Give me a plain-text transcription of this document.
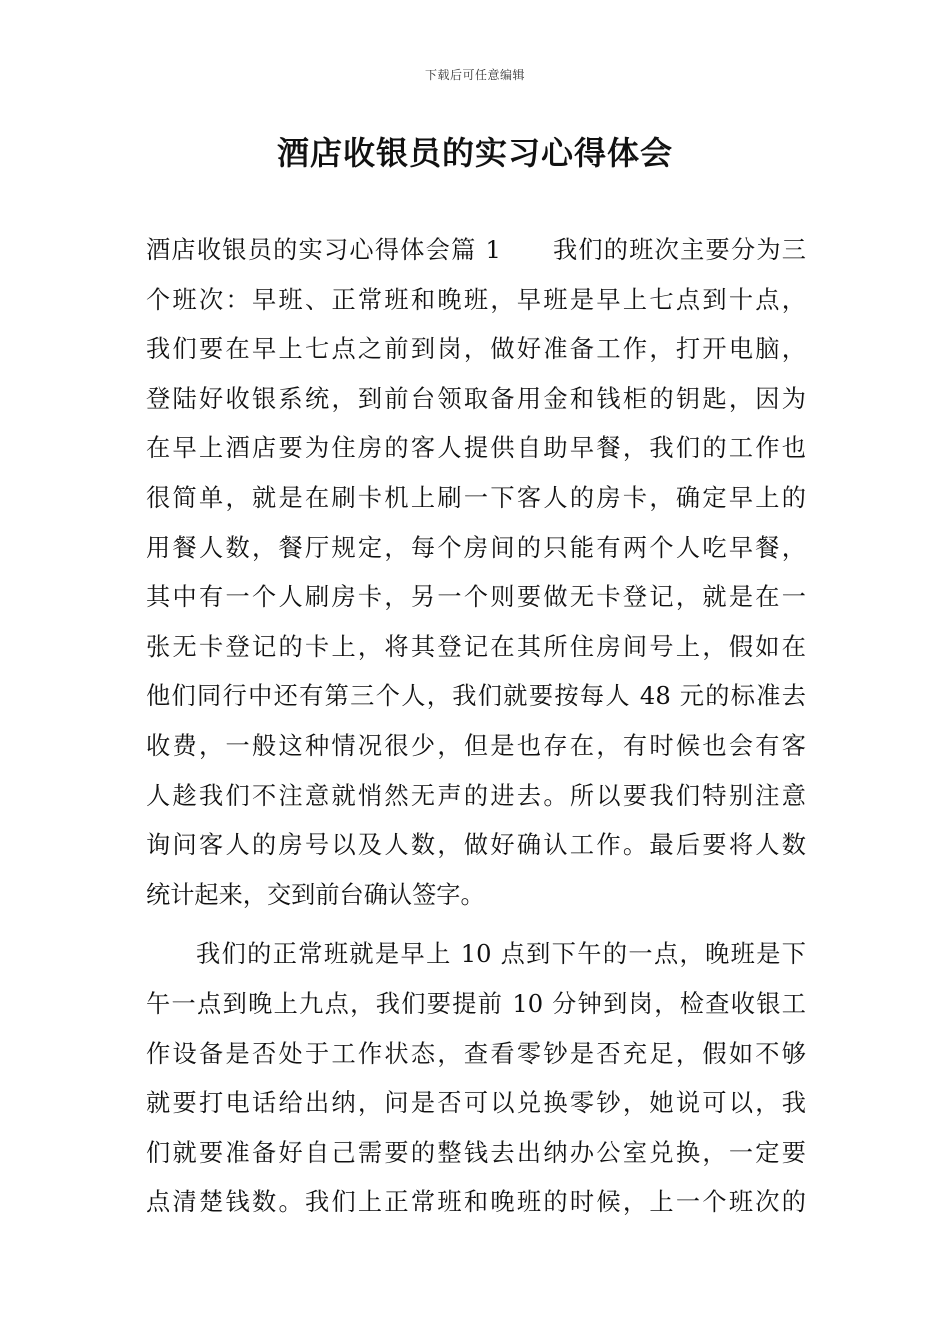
下载后可任意编辑
酒店收银员的实习心得体会
酒店收银员的实习心得体会篇 1　　我们的班次主要分为三
个班次：早班、正常班和晚班，早班是早上七点到十点，
我们要在早上七点之前到岗，做好准备工作，打开电脑，
登陆好收银系统，到前台领取备用金和钱柜的钥匙，因为
在早上酒店要为住房的客人提供自助早餐，我们的工作也
很简单，就是在刷卡机上刷一下客人的房卡，确定早上的
用餐人数，餐厅规定，每个房间的只能有两个人吃早餐，
其中有一个人刷房卡，另一个则要做无卡登记，就是在一
张无卡登记的卡上，将其登记在其所住房间号上，假如在
他们同行中还有第三个人，我们就要按每人 48 元的标准去
收费，一般这种情况很少，但是也存在，有时候也会有客
人趁我们不注意就悄然无声的进去。所以要我们特别注意
询问客人的房号以及人数，做好确认工作。最后要将人数
统计起来，交到前台确认签字。
我们的正常班就是早上 10 点到下午的一点，晚班是下
午一点到晚上九点，我们要提前 10 分钟到岗，检查收银工
作设备是否处于工作状态，查看零钞是否充足，假如不够
就要打电话给出纳，问是否可以兑换零钞，她说可以，我
们就要准备好自己需要的整钱去出纳办公室兑换，一定要
点清楚钱数。我们上正常班和晚班的时候，上一个班次的
